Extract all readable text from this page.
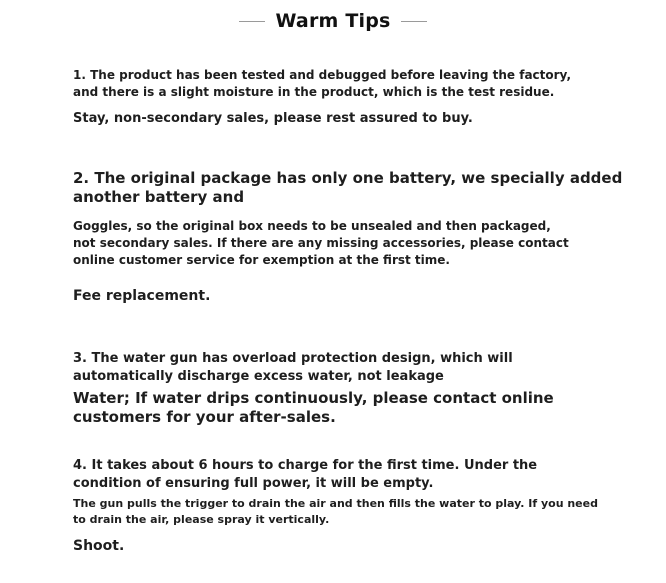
Warm Tips
1. The product has been tested and debugged before leaving the factory,
and there is a slight moisture in the product, which is the test residue.
Stay, non-secondary sales, please rest assured to buy.
2. The original package has only one battery, we specially added
another battery and
Goggles, so the original box needs to be unsealed and then packaged,
not secondary sales. If there are any missing accessories, please contact
online customer service for exemption at the first time.
Fee replacement.
3. The water gun has overload protection design, which will
automatically discharge excess water, not leakage
Water; If water drips continuously, please contact online
customers for your after-sales.
4. It takes about 6 hours to charge for the first time. Under the
condition of ensuring full power, it will be empty.
The gun pulls the trigger to drain the air and then fills the water to play. If you need
to drain the air, please spray it vertically.
Shoot.
